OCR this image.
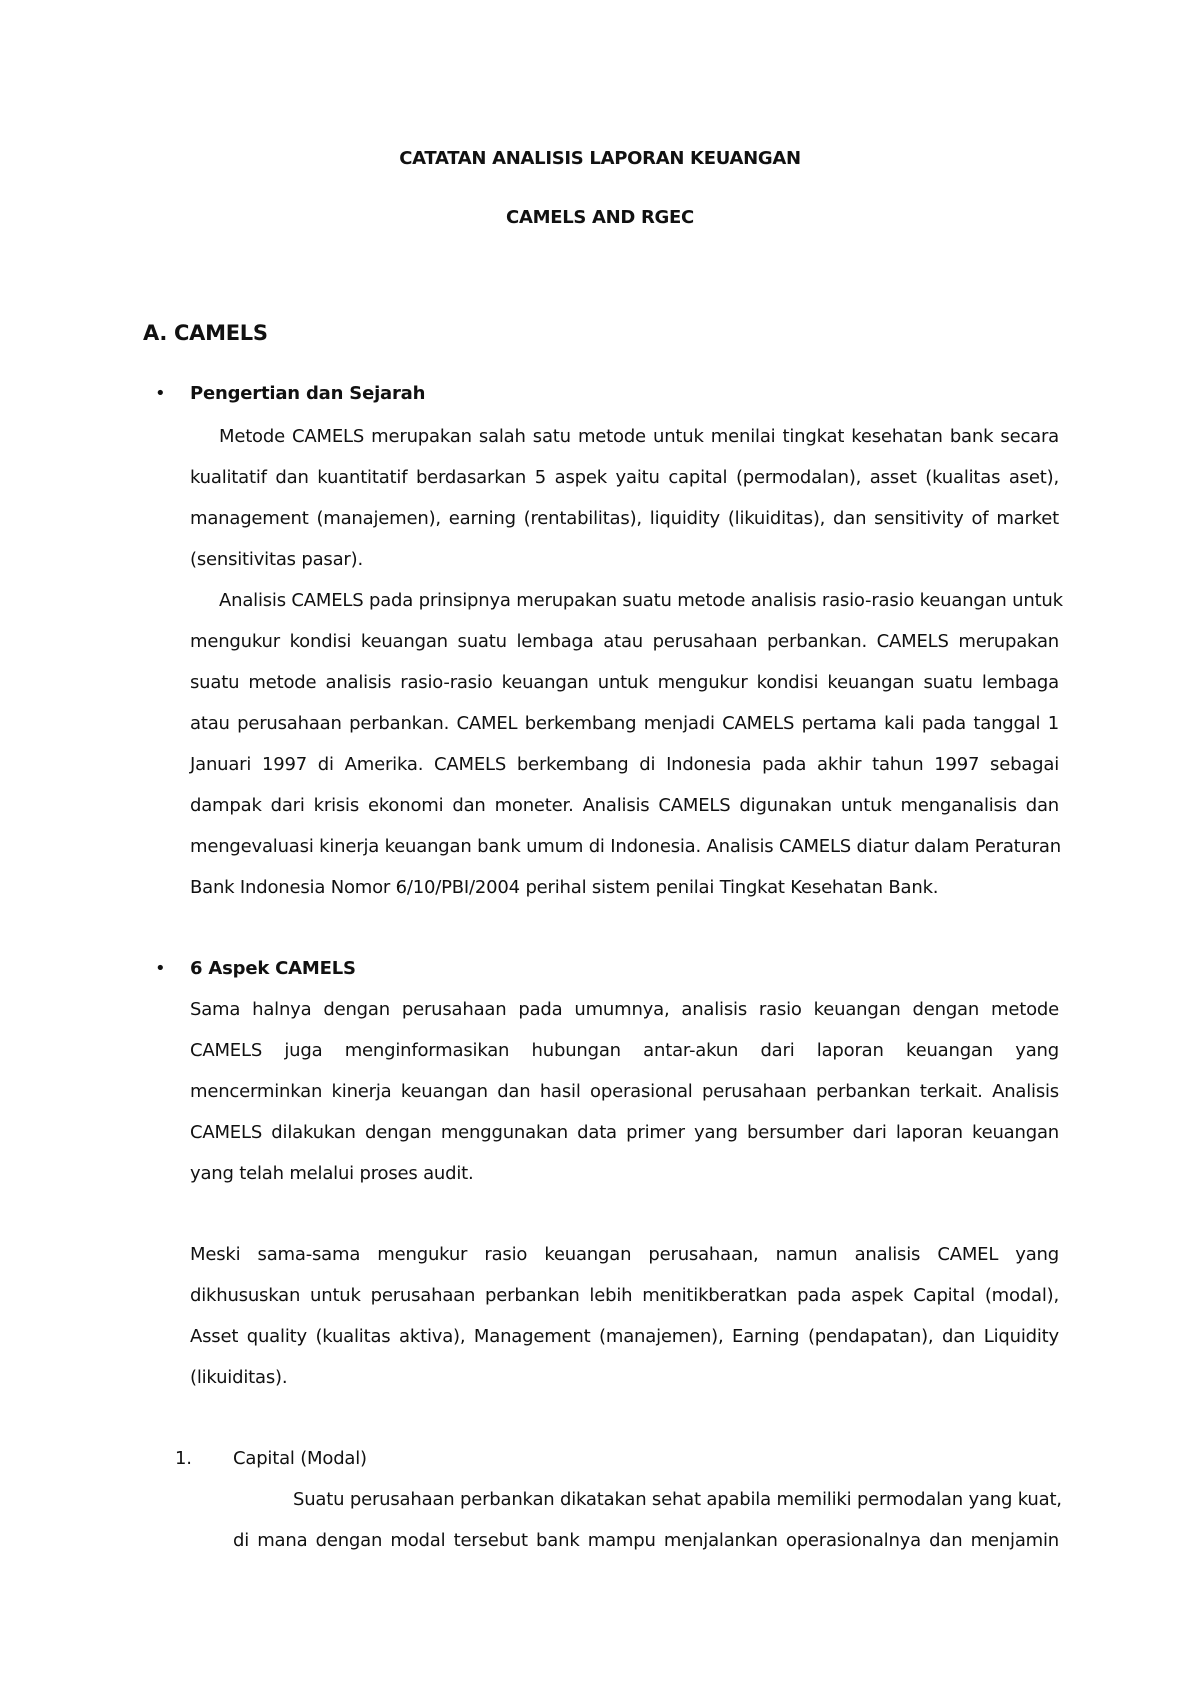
CATATAN ANALISIS LAPORAN KEUANGAN
CAMELS AND RGEC
A. CAMELS
• Pengertian dan Sejarah
Metode CAMELS merupakan salah satu metode untuk menilai tingkat kesehatan bank secara
kualitatif dan kuantitatif berdasarkan 5 aspek yaitu capital (permodalan), asset (kualitas aset),
management (manajemen), earning (rentabilitas), liquidity (likuiditas), dan sensitivity of market
(sensitivitas pasar).
Analisis CAMELS pada prinsipnya merupakan suatu metode analisis rasio-rasio keuangan untuk
mengukur kondisi keuangan suatu lembaga atau perusahaan perbankan. CAMELS merupakan
suatu metode analisis rasio-rasio keuangan untuk mengukur kondisi keuangan suatu lembaga
atau perusahaan perbankan. CAMEL berkembang menjadi CAMELS pertama kali pada tanggal 1
Januari 1997 di Amerika. CAMELS berkembang di Indonesia pada akhir tahun 1997 sebagai
dampak dari krisis ekonomi dan moneter. Analisis CAMELS digunakan untuk menganalisis dan
mengevaluasi kinerja keuangan bank umum di Indonesia. Analisis CAMELS diatur dalam Peraturan
Bank Indonesia Nomor 6/10/PBI/2004 perihal sistem penilai Tingkat Kesehatan Bank.
• 6 Aspek CAMELS
Sama halnya dengan perusahaan pada umumnya, analisis rasio keuangan dengan metode
CAMELS juga menginformasikan hubungan antar-akun dari laporan keuangan yang
mencerminkan kinerja keuangan dan hasil operasional perusahaan perbankan terkait. Analisis
CAMELS dilakukan dengan menggunakan data primer yang bersumber dari laporan keuangan
yang telah melalui proses audit.
Meski sama-sama mengukur rasio keuangan perusahaan, namun analisis CAMEL yang
dikhususkan untuk perusahaan perbankan lebih menitikberatkan pada aspek Capital (modal),
Asset quality (kualitas aktiva), Management (manajemen), Earning (pendapatan), dan Liquidity
(likuiditas).
1. Capital (Modal)
Suatu perusahaan perbankan dikatakan sehat apabila memiliki permodalan yang kuat,
di mana dengan modal tersebut bank mampu menjalankan operasionalnya dan menjamin
